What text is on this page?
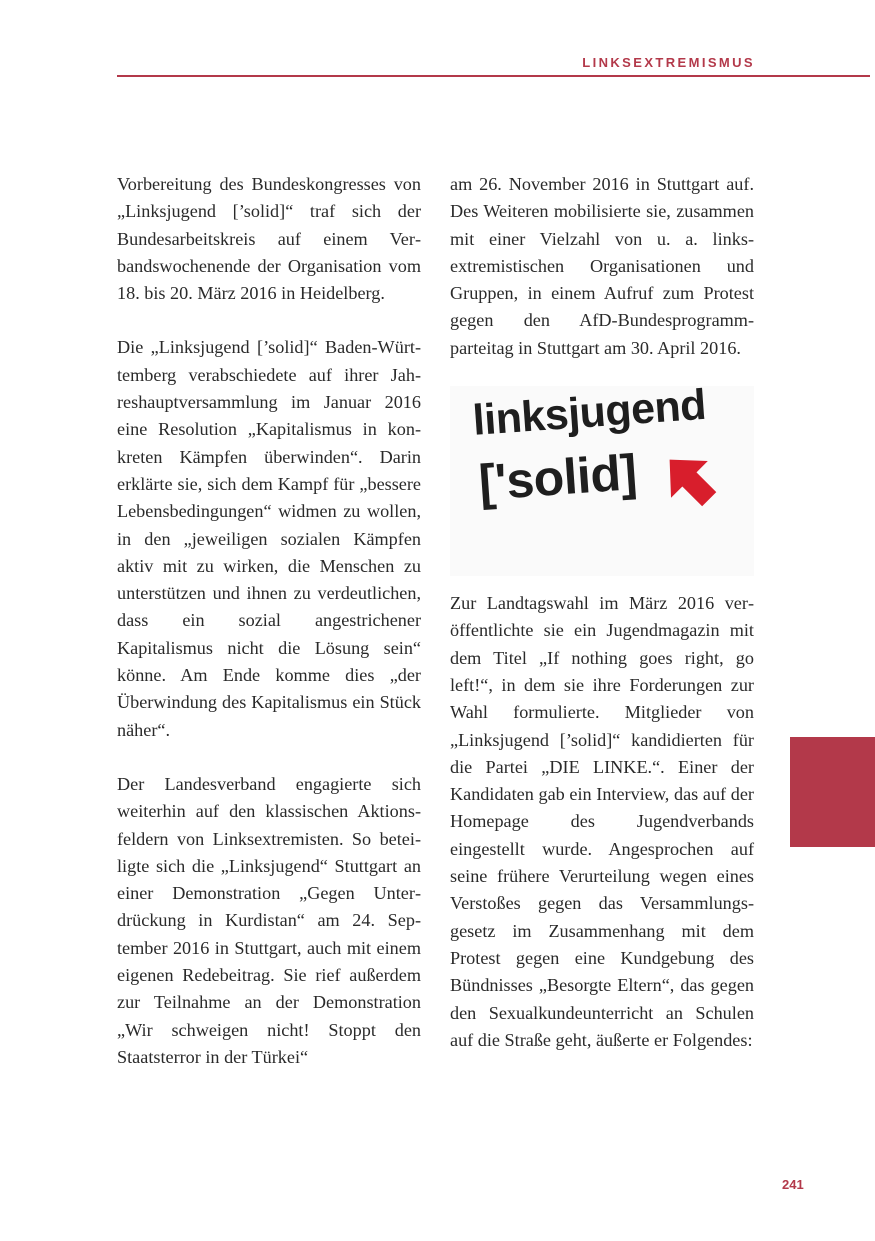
LINKSEXTREMISMUS

Vorbereitung des Bundeskongresses von „Linksjugend [’solid]“ traf sich der Bundesarbeitskreis auf einem Verbandswochenende der Organisation vom 18. bis 20. März 2016 in Heidelberg.

Die „Linksjugend [’solid]“ Baden-Württemberg verabschiedete auf ihrer Jahreshauptversammlung im Januar 2016 eine Resolution „Kapitalismus in konkreten Kämpfen überwinden“. Darin erklärte sie, sich dem Kampf für „bessere Lebensbedingungen“ widmen zu wollen, in den „jeweiligen sozialen Kämpfen aktiv mit zu wirken, die Menschen zu unterstützen und ihnen zu verdeutlichen, dass ein sozial angestrichener Kapitalismus nicht die Lösung sein“ könne. Am Ende komme dies „der Überwindung des Kapitalismus ein Stück näher“.

Der Landesverband engagierte sich weiterhin auf den klassischen Aktionsfeldern von Linksextremisten. So beteiligte sich die „Linksjugend“ Stuttgart an einer Demonstration „Gegen Unterdrückung in Kurdistan“ am 24. September 2016 in Stuttgart, auch mit einem eigenen Redebeitrag. Sie rief außerdem zur Teilnahme an der Demonstration „Wir schweigen nicht! Stoppt den Staatsterror in der Türkei“

am 26. November 2016 in Stuttgart auf. Des Weiteren mobilisierte sie, zusammen mit einer Vielzahl von u. a. linksextremistischen Organisationen und Gruppen, in einem Aufruf zum Protest gegen den AfD-Bundesprogrammparteitag in Stuttgart am 30. April 2016.

linksjugend
['solid]

Zur Landtagswahl im März 2016 veröffentlichte sie ein Jugendmagazin mit dem Titel „If nothing goes right, go left!“, in dem sie ihre Forderungen zur Wahl formulierte. Mitglieder von „Linksjugend [’solid]“ kandidierten für die Partei „DIE LINKE.“. Einer der Kandidaten gab ein Interview, das auf der Homepage des Jugendverbands eingestellt wurde. Angesprochen auf seine frühere Verurteilung wegen eines Verstoßes gegen das Versammlungsgesetz im Zusammenhang mit dem Protest gegen eine Kundgebung des Bündnisses „Besorgte Eltern“, das gegen den Sexualkundeunterricht an Schulen auf die Straße geht, äußerte er Folgendes:

241
